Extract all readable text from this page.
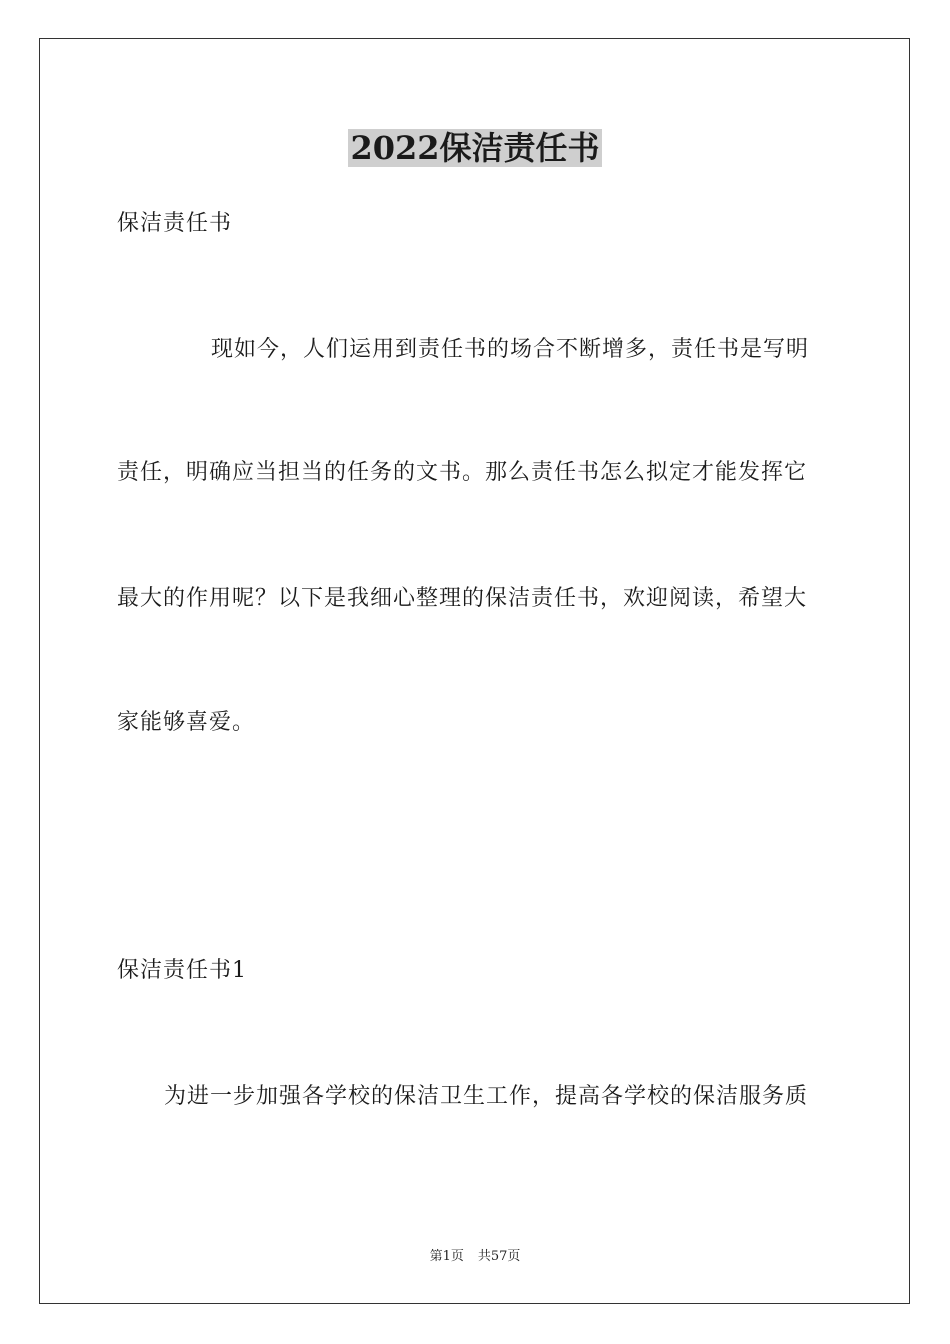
2022保洁责任书
保洁责任书
现如今，人们运用到责任书的场合不断增多，责任书是写明
责任，明确应当担当的任务的文书。那么责任书怎么拟定才能发挥它
最大的作用呢？以下是我细心整理的保洁责任书，欢迎阅读，希望大
家能够喜爱。
保洁责任书1
为进一步加强各学校的保洁卫生工作，提高各学校的保洁服务质
第1页 共57页
